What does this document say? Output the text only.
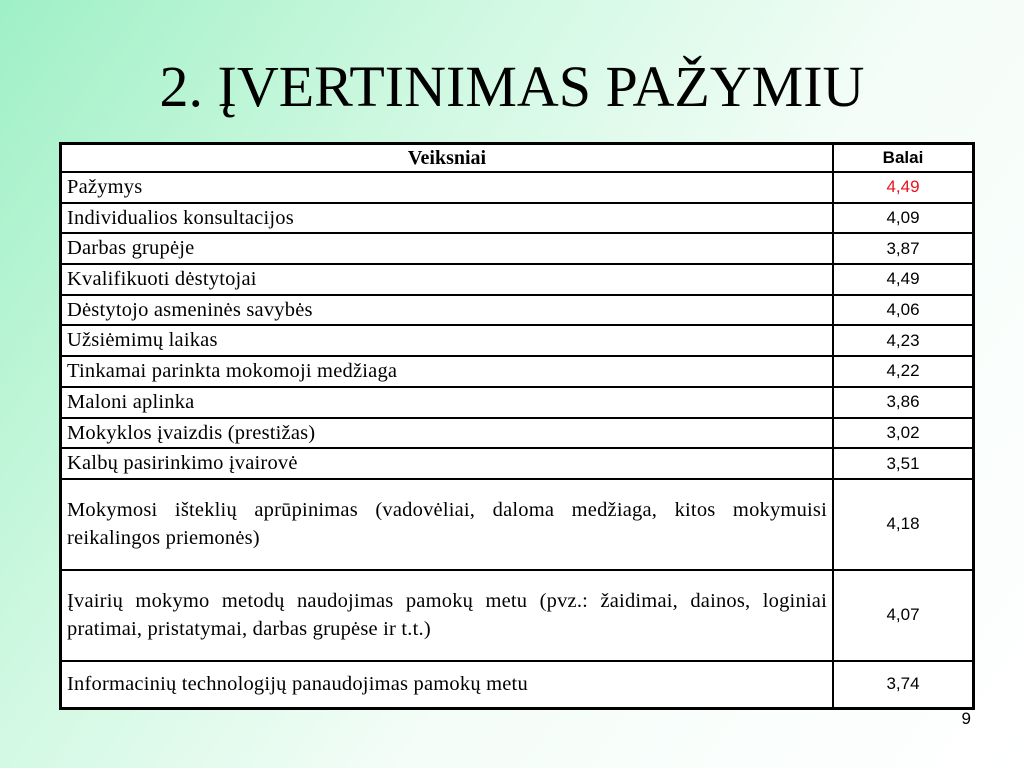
2. ĮVERTINIMAS PAŽYMIU
Veiksniai	Balai
Pažymys	4,49
Individualios konsultacijos	4,09
Darbas grupėje	3,87
Kvalifikuoti dėstytojai	4,49
Dėstytojo asmeninės savybės	4,06
Užsiėmimų laikas	4,23
Tinkamai parinkta mokomoji medžiaga	4,22
Maloni aplinka	3,86
Mokyklos įvaizdis (prestižas)	3,02
Kalbų pasirinkimo įvairovė	3,51
Mokymosi išteklių aprūpinimas (vadovėliai, daloma medžiaga, kitos mokymuisi reikalingos priemonės)	4,18
Įvairių mokymo metodų naudojimas pamokų metu (pvz.: žaidimai, dainos, loginiai pratimai, pristatymai, darbas grupėse ir t.t.)	4,07
Informacinių technologijų panaudojimas pamokų metu	3,74
9
